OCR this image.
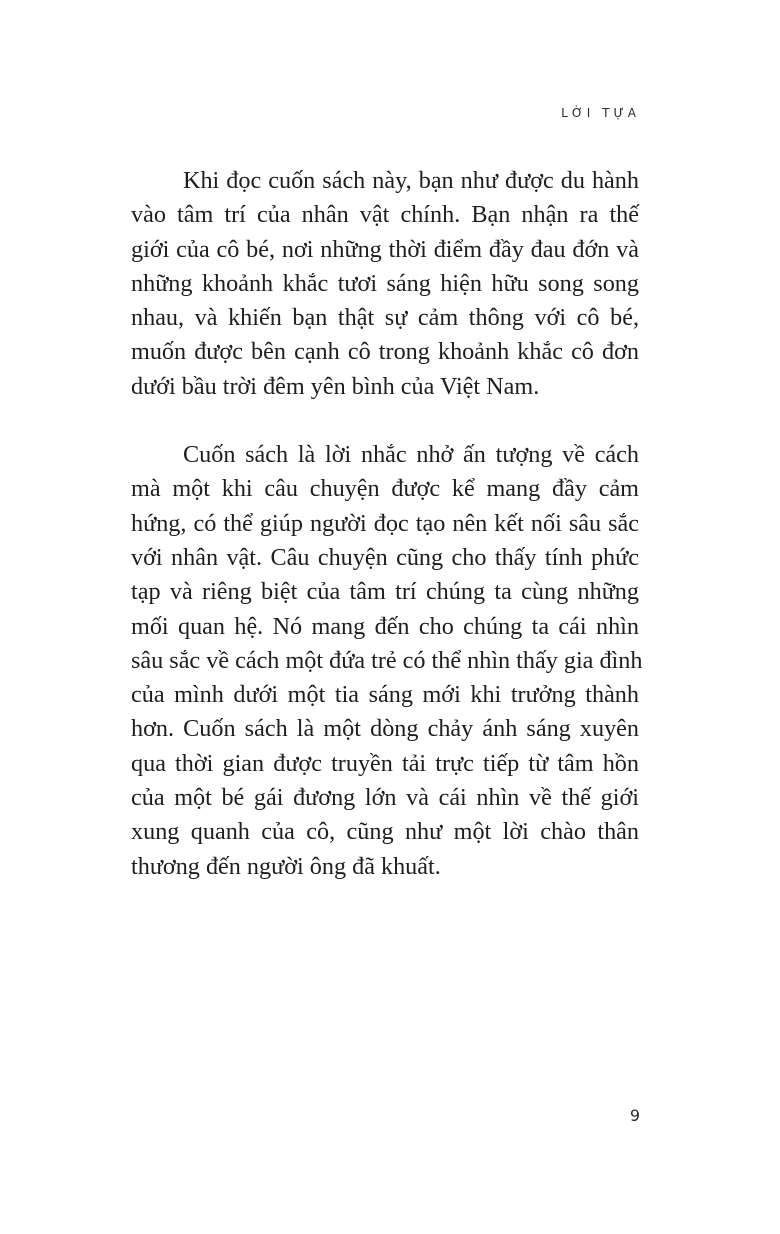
LỜI TỰA
Khi đọc cuốn sách này, bạn như được du hành
vào tâm trí của nhân vật chính. Bạn nhận ra thế
giới của cô bé, nơi những thời điểm đầy đau đớn và
những khoảnh khắc tươi sáng hiện hữu song song
nhau, và khiến bạn thật sự cảm thông với cô bé,
muốn được bên cạnh cô trong khoảnh khắc cô đơn
dưới bầu trời đêm yên bình của Việt Nam.
Cuốn sách là lời nhắc nhở ấn tượng về cách
mà một khi câu chuyện được kể mang đầy cảm
hứng, có thể giúp người đọc tạo nên kết nối sâu sắc
với nhân vật. Câu chuyện cũng cho thấy tính phức
tạp và riêng biệt của tâm trí chúng ta cùng những
mối quan hệ. Nó mang đến cho chúng ta cái nhìn
sâu sắc về cách một đứa trẻ có thể nhìn thấy gia đình
của mình dưới một tia sáng mới khi trưởng thành
hơn. Cuốn sách là một dòng chảy ánh sáng xuyên
qua thời gian được truyền tải trực tiếp từ tâm hồn
của một bé gái đương lớn và cái nhìn về thế giới
xung quanh của cô, cũng như một lời chào thân
thương đến người ông đã khuất.
9
